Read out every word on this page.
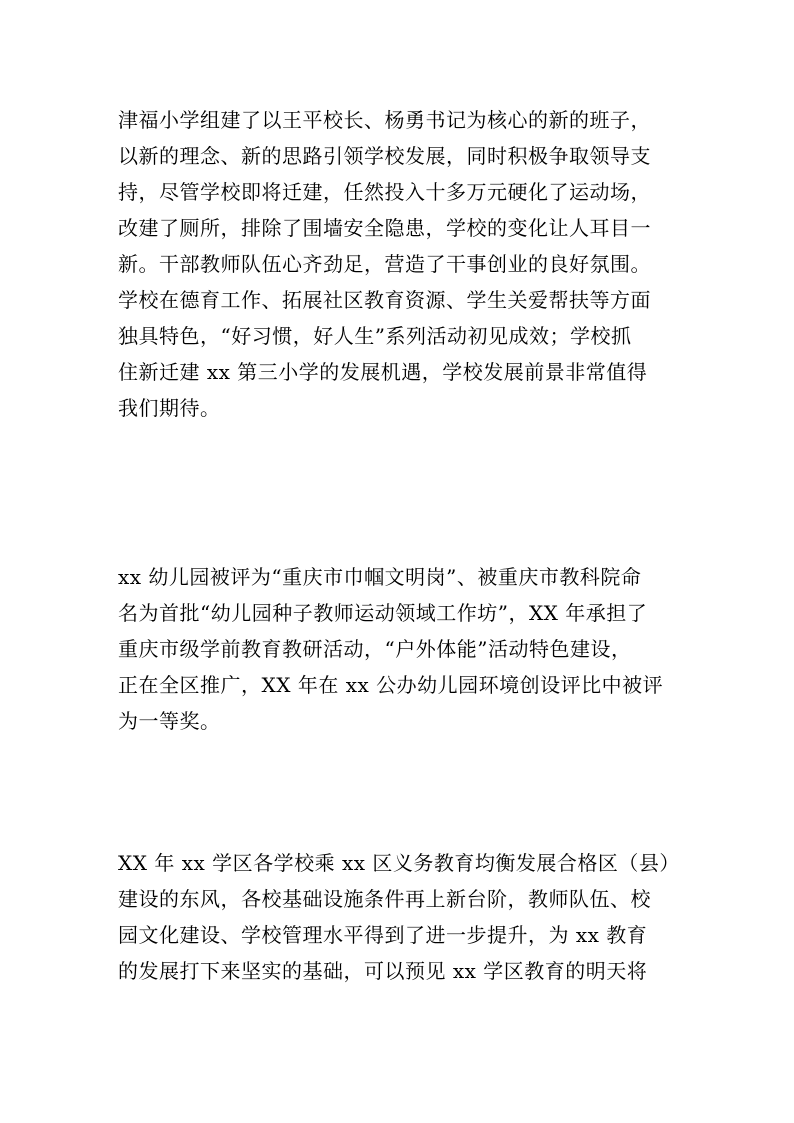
津福小学组建了以王平校长、杨勇书记为核心的新的班子，
以新的理念、新的思路引领学校发展，同时积极争取领导支
持，尽管学校即将迁建，任然投入十多万元硬化了运动场，
改建了厕所，排除了围墙安全隐患，学校的变化让人耳目一
新。干部教师队伍心齐劲足，营造了干事创业的良好氛围。
学校在德育工作、拓展社区教育资源、学生关爱帮扶等方面
独具特色，“好习惯，好人生”系列活动初见成效；学校抓
住新迁建 xx 第三小学的发展机遇，学校发展前景非常值得
我们期待。

xx 幼儿园被评为“重庆市巾帼文明岗”、被重庆市教科院命
名为首批“幼儿园种子教师运动领域工作坊”，XX 年承担了
重庆市级学前教育教研活动，“户外体能”活动特色建设，
正在全区推广，XX 年在 xx 公办幼儿园环境创设评比中被评
为一等奖。

XX 年 xx 学区各学校乘 xx 区义务教育均衡发展合格区（县）
建设的东风，各校基础设施条件再上新台阶，教师队伍、校
园文化建设、学校管理水平得到了进一步提升，为 xx 教育
的发展打下来坚实的基础，可以预见 xx 学区教育的明天将
